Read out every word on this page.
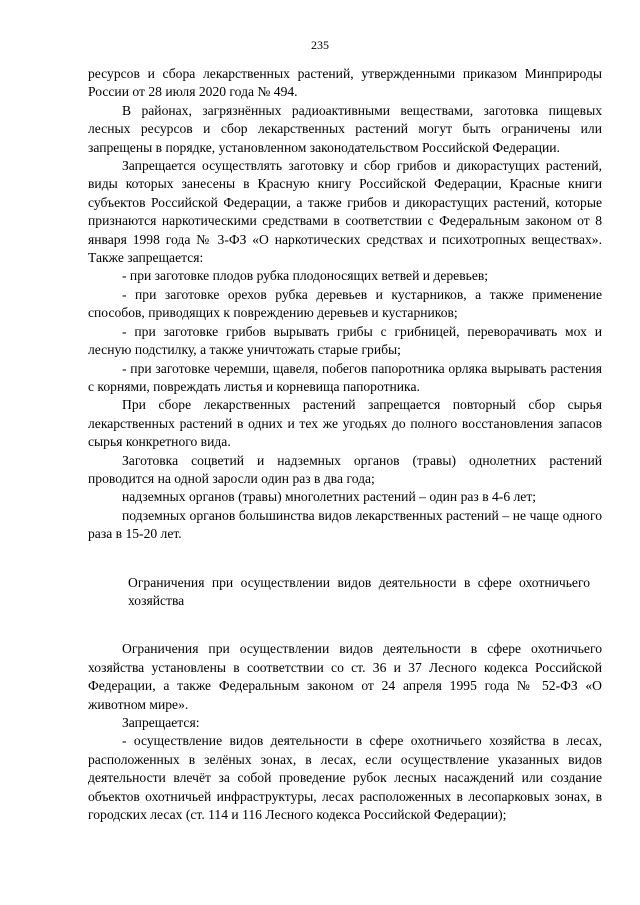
235

ресурсов и сбора лекарственных растений, утвержденными приказом Минприроды России от 28 июля 2020 года № 494.

В районах, загрязнённых радиоактивными веществами, заготовка пищевых лесных ресурсов и сбор лекарственных растений могут быть ограничены или запрещены в порядке, установленном законодательством Российской Федерации.

Запрещается осуществлять заготовку и сбор грибов и дикорастущих растений, виды которых занесены в Красную книгу Российской Федерации, Красные книги субъектов Российской Федерации, а также грибов и дикорастущих растений, которые признаются наркотическими средствами в соответствии с Федеральным законом от 8 января 1998 года № 3-ФЗ «О наркотических средствах и психотропных веществах». Также запрещается:

- при заготовке плодов рубка плодоносящих ветвей и деревьев;

- при заготовке орехов рубка деревьев и кустарников, а также применение способов, приводящих к повреждению деревьев и кустарников;

- при заготовке грибов вырывать грибы с грибницей, переворачивать мох и лесную подстилку, а также уничтожать старые грибы;

- при заготовке черемши, щавеля, побегов папоротника орляка вырывать растения с корнями, повреждать листья и корневища папоротника.

При сборе лекарственных растений запрещается повторный сбор сырья лекарственных растений в одних и тех же угодьях до полного восстановления запасов сырья конкретного вида.

Заготовка соцветий и надземных органов (травы) однолетних растений проводится на одной заросли один раз в два года;

надземных органов (травы) многолетних растений – один раз в 4-6 лет;

подземных органов большинства видов лекарственных растений – не чаще одного раза в 15-20 лет.

Ограничения при осуществлении видов деятельности в сфере охотничьего хозяйства

Ограничения при осуществлении видов деятельности в сфере охотничьего хозяйства установлены в соответствии со ст. 36 и 37 Лесного кодекса Российской Федерации, а также Федеральным законом от 24 апреля 1995 года № 52-ФЗ «О животном мире».

Запрещается:

- осуществление видов деятельности в сфере охотничьего хозяйства в лесах, расположенных в зелёных зонах, в лесах, если осуществление указанных видов деятельности влечёт за собой проведение рубок лесных насаждений или создание объектов охотничьей инфраструктуры, лесах расположенных в лесопарковых зонах, в городских лесах (ст. 114 и 116 Лесного кодекса Российской Федерации);
